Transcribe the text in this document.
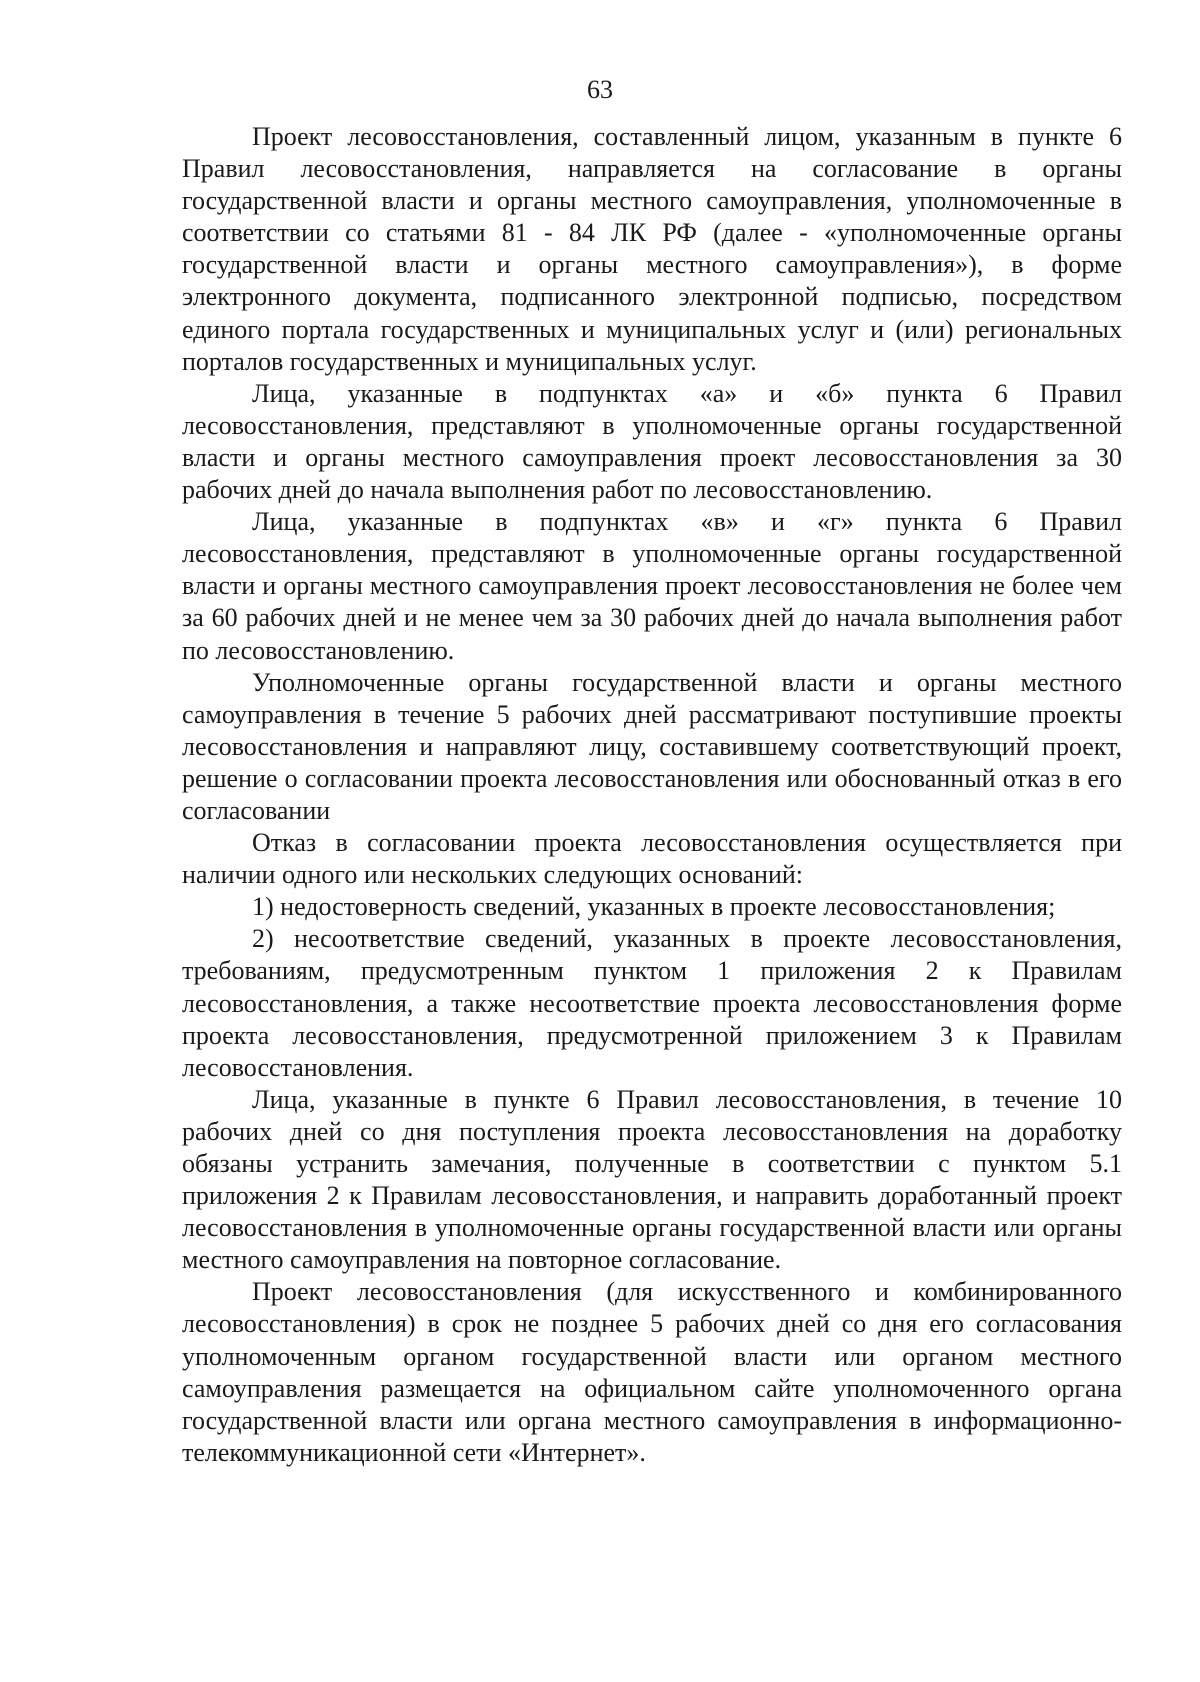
63

Проект лесовосстановления, составленный лицом, указанным в пункте 6 Правил лесовосстановления, направляется на согласование в органы государственной власти и органы местного самоуправления, уполномоченные в соответствии со статьями 81 - 84 ЛК РФ (далее - «уполномоченные органы государственной власти и органы местного самоуправления»), в форме электронного документа, подписанного электронной подписью, посредством единого портала государственных и муниципальных услуг и (или) региональных порталов государственных и муниципальных услуг.

Лица, указанные в подпунктах «а» и «б» пункта 6 Правил лесовосстановления, представляют в уполномоченные органы государственной власти и органы местного самоуправления проект лесовосстановления за 30 рабочих дней до начала выполнения работ по лесовосстановлению.

Лица, указанные в подпунктах «в» и «г» пункта 6 Правил лесовосстановления, представляют в уполномоченные органы государственной власти и органы местного самоуправления проект лесовосстановления не более чем за 60 рабочих дней и не менее чем за 30 рабочих дней до начала выполнения работ по лесовосстановлению.

Уполномоченные органы государственной власти и органы местного самоуправления в течение 5 рабочих дней рассматривают поступившие проекты лесовосстановления и направляют лицу, составившему соответствующий проект, решение о согласовании проекта лесовосстановления или обоснованный отказ в его согласовании

Отказ в согласовании проекта лесовосстановления осуществляется при наличии одного или нескольких следующих оснований:

1) недостоверность сведений, указанных в проекте лесовосстановления;

2) несоответствие сведений, указанных в проекте лесовосстановления, требованиям, предусмотренным пунктом 1 приложения 2 к Правилам лесовосстановления, а также несоответствие проекта лесовосстановления форме проекта лесовосстановления, предусмотренной приложением 3 к Правилам лесовосстановления.

Лица, указанные в пункте 6 Правил лесовосстановления, в течение 10 рабочих дней со дня поступления проекта лесовосстановления на доработку обязаны устранить замечания, полученные в соответствии с пунктом 5.1 приложения 2 к Правилам лесовосстановления, и направить доработанный проект лесовосстановления в уполномоченные органы государственной власти или органы местного самоуправления на повторное согласование.

Проект лесовосстановления (для искусственного и комбинированного лесовосстановления) в срок не позднее 5 рабочих дней со дня его согласования уполномоченным органом государственной власти или органом местного самоуправления размещается на официальном сайте уполномоченного органа государственной власти или органа местного самоуправления в информационно-телекоммуникационной сети «Интернет».
